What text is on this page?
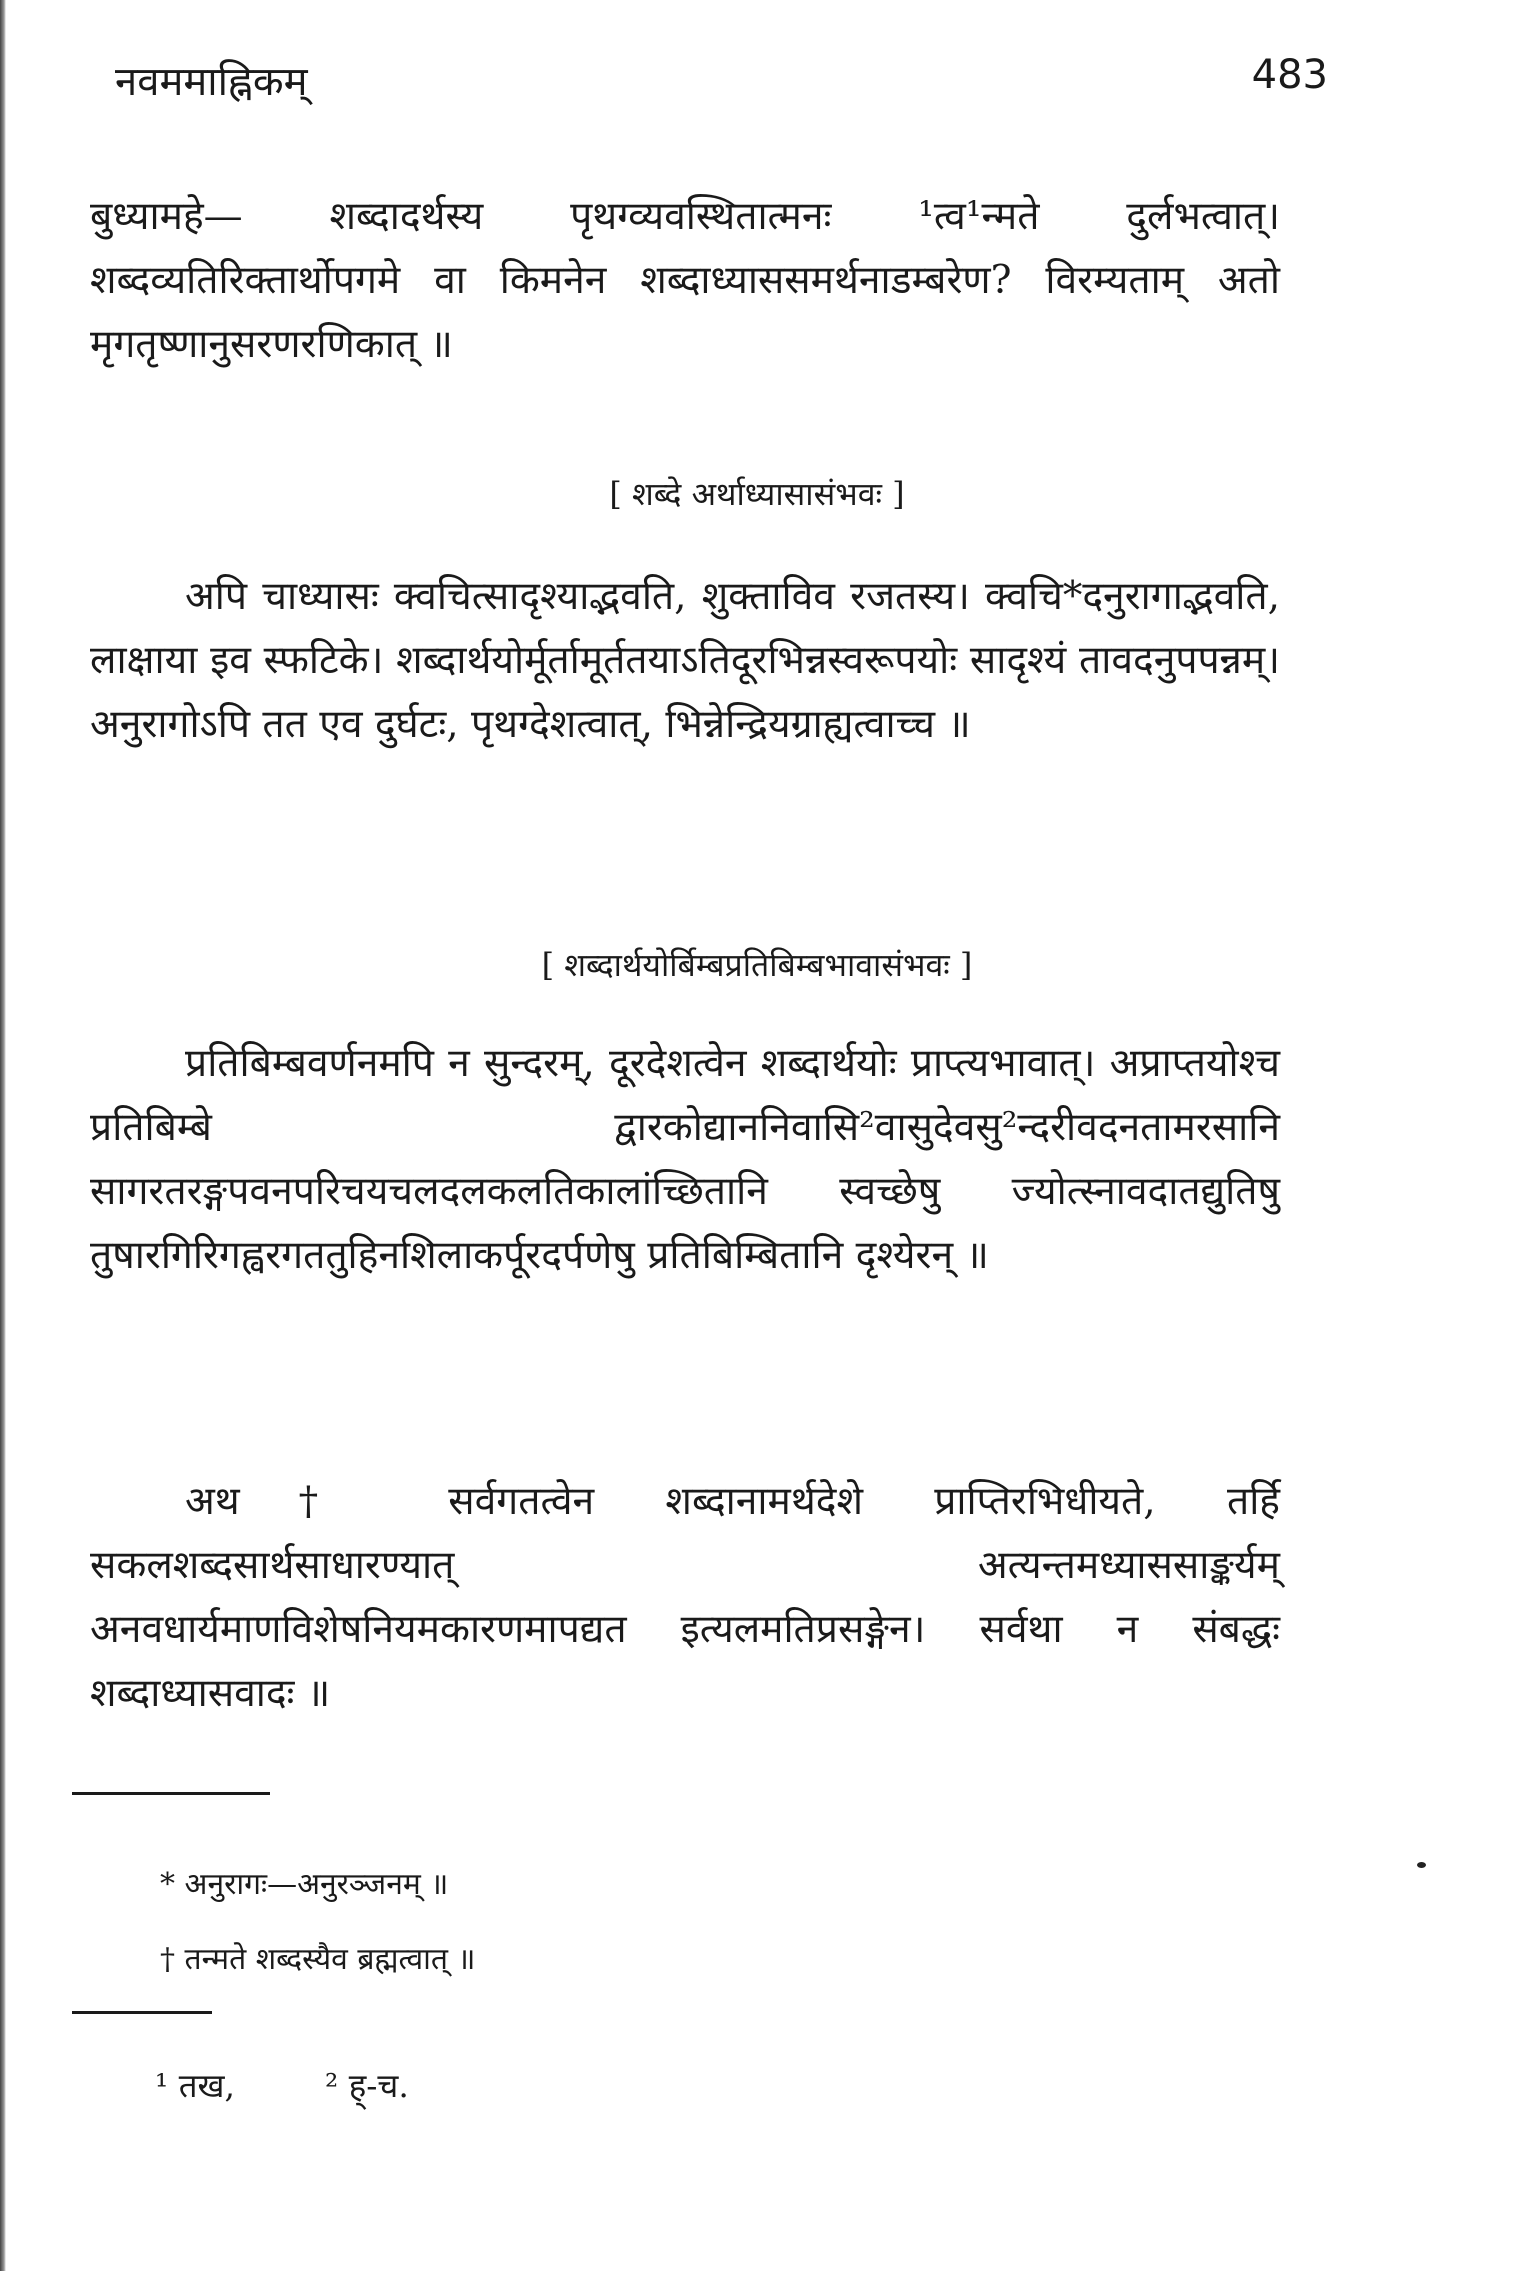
नवममाह्निकम्	483

बुध्यामहे— शब्दादर्थस्य पृथग्व्यवस्थितात्मनः ¹त्व¹न्मते दुर्लभत्वात्। शब्दव्यतिरिक्तार्थोपगमे वा किमनेन शब्दाध्याससमर्थनाडम्बरेण? विरम्यताम् अतो मृगतृष्णानुसरणरणिकात् ॥

[ शब्दे अर्थाध्यासासंभवः ]

अपि चाध्यासः क्वचित्सादृश्याद्भवति, शुक्ताविव रजतस्य। क्वचि*दनुरागाद्भवति, लाक्षाया इव स्फटिके। शब्दार्थयोर्मूर्तामूर्ततयाऽतिदूरभिन्नस्वरूपयोः सादृश्यं तावदनुपपन्नम्। अनुरागोऽपि तत एव दुर्घटः, पृथग्देशत्वात्, भिन्नेन्द्रियग्राह्यत्वाच्च ॥

[ शब्दार्थयोर्बिम्बप्रतिबिम्बभावासंभवः ]

प्रतिबिम्बवर्णनमपि न सुन्दरम्, दूरदेशत्वेन शब्दार्थयोः प्राप्त्यभावात्। अप्राप्तयोश्च प्रतिबिम्बे द्वारकोद्याननिवासि²वासुदेवसु²न्दरीवदनतामरसानि सागरतरङ्गपवनपरिचयचलदलकलतिकालांच्छितानि स्वच्छेषु ज्योत्स्नावदातद्युतिषु तुषारगिरिगह्वरगततुहिनशिलाकर्पूरदर्पणेषु प्रतिबिम्बितानि दृश्येरन् ॥

अथ† सर्वगतत्वेन शब्दानामर्थदेशे प्राप्तिरभिधीयते, तर्हि सकलशब्दसार्थसाधारण्यात् अत्यन्तमध्याससाङ्कर्यम् अनवधार्यमाणविशेषनियमकारणमापद्यत इत्यलमतिप्रसङ्गेन। सर्वथा न संबद्धः शब्दाध्यासवादः ॥

* अनुरागः—अनुरञ्जनम् ॥

† तन्मते शब्दस्यैव ब्रह्मत्वात् ॥

¹ तख,	² ह्-च.
